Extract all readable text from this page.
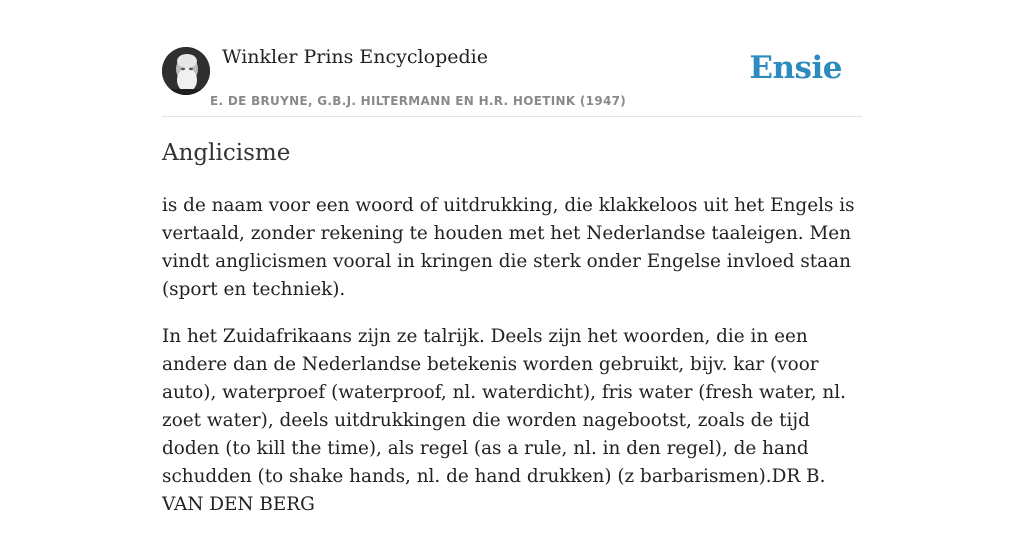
Winkler Prins Encyclopedie
E. DE BRUYNE, G.B.J. HILTERMANN EN H.R. HOETINK (1947)
Ensie
Anglicisme

is de naam voor een woord of uitdrukking, die klakkeloos uit het Engels is vertaald, zonder rekening te houden met het Nederlandse taaleigen. Men vindt anglicismen vooral in kringen die sterk onder Engelse invloed staan (sport en techniek).

In het Zuidafrikaans zijn ze talrijk. Deels zijn het woorden, die in een andere dan de Nederlandse betekenis worden gebruikt, bijv. kar (voor auto), waterproef (waterproof, nl. waterdicht), fris water (fresh water, nl. zoet water), deels uitdrukkingen die worden nagebootst, zoals de tijd doden (to kill the time), als regel (as a rule, nl. in den regel), de hand schudden (to shake hands, nl. de hand drukken) (z barbarismen).DR B. VAN DEN BERG
